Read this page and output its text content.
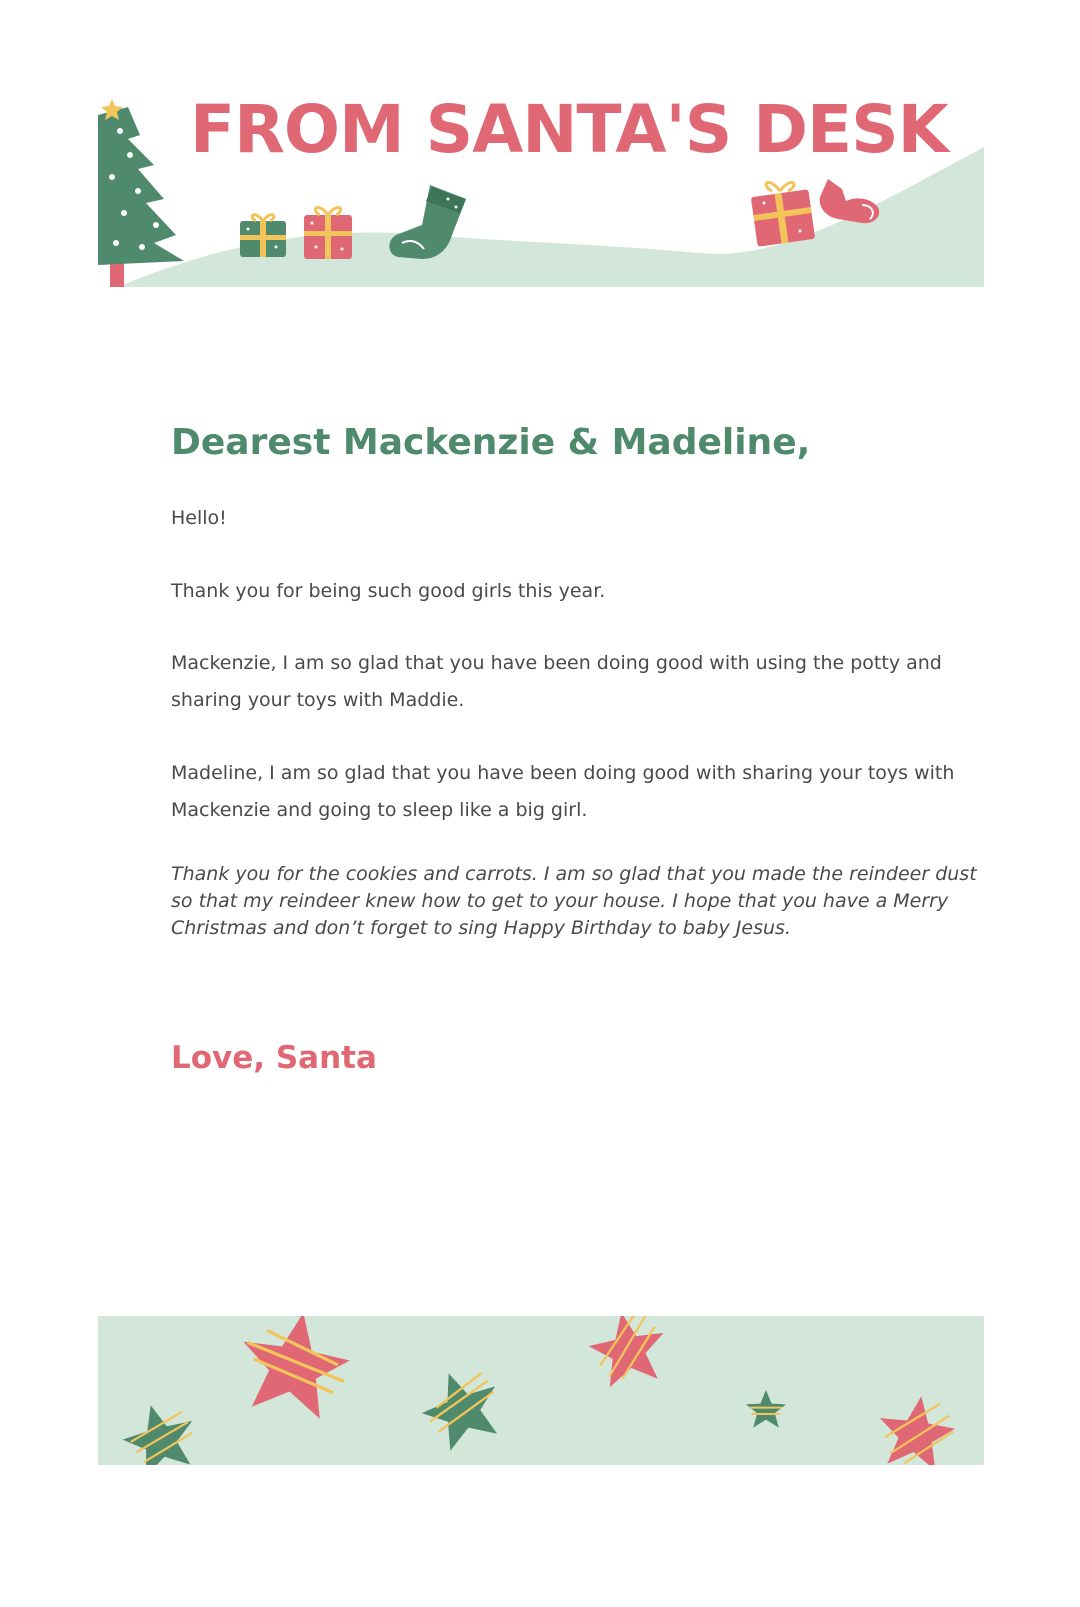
FROM SANTA'S DESK
Dearest Mackenzie & Madeline,

Hello!

Thank you for being such good girls this year.

Mackenzie, I am so glad that you have been doing good with using the potty and sharing your toys with Maddie.

Madeline, I am so glad that you have been doing good with sharing your toys with Mackenzie and going to sleep like a big girl.

Thank you for the cookies and carrots. I am so glad that you made the reindeer dust so that my reindeer knew how to get to your house. I hope that you have a Merry Christmas and don’t forget to sing Happy Birthday to baby Jesus.

Love, Santa
